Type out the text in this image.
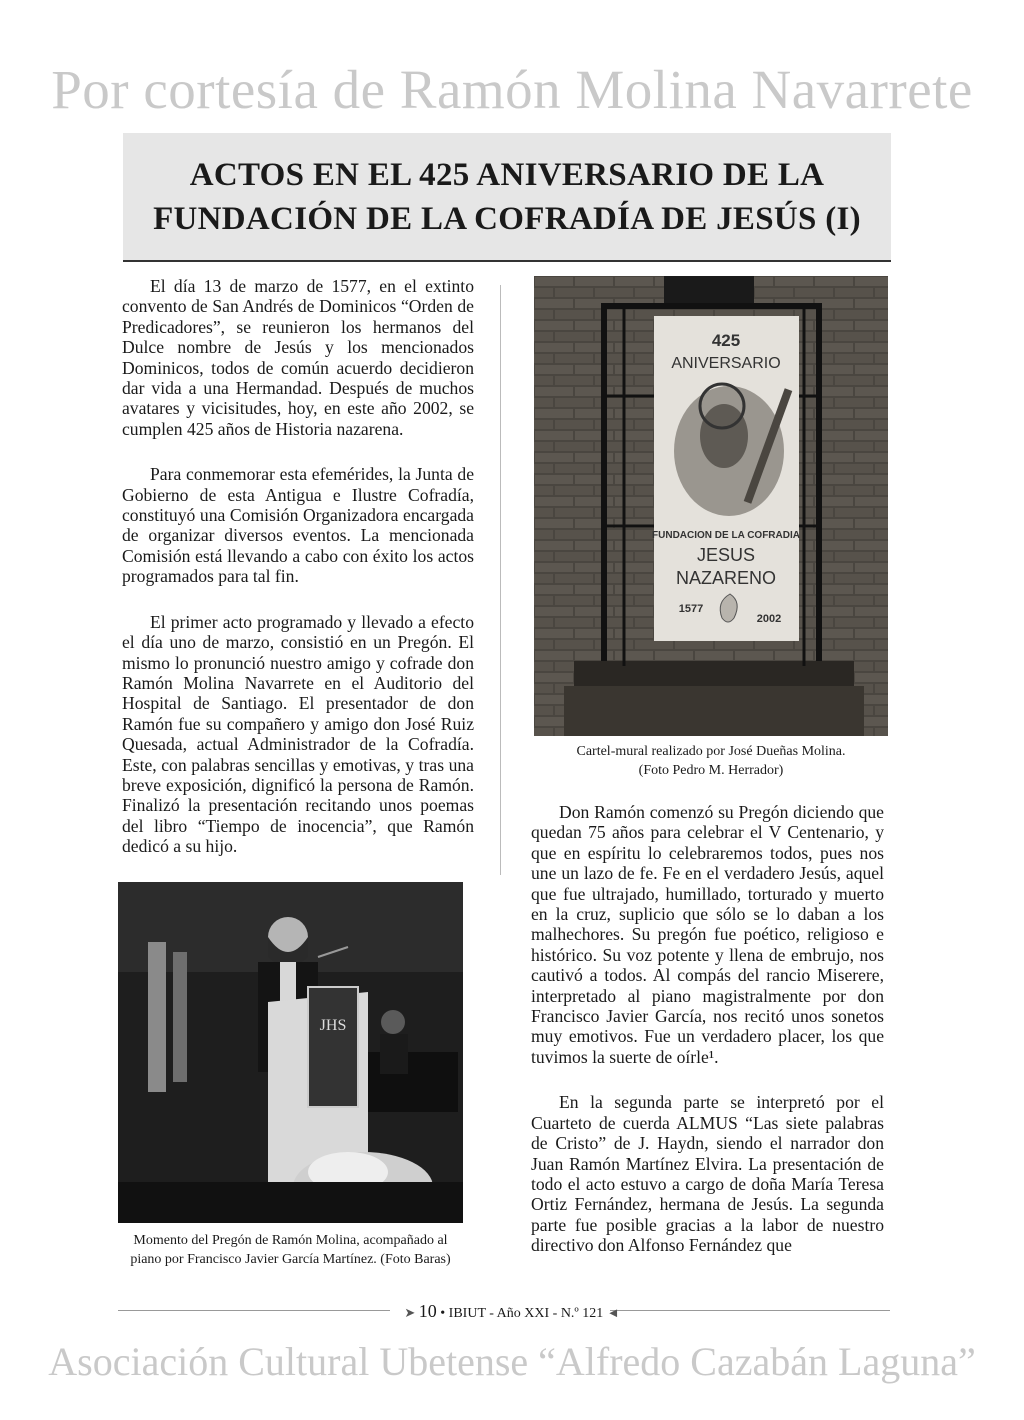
Por cortesía de Ramón Molina Navarrete
ACTOS EN EL 425 ANIVERSARIO DE LA
FUNDACIÓN DE LA COFRADÍA DE JESÚS (I)

El día 13 de marzo de 1577, en el extinto convento de San Andrés de Dominicos “Orden de Predicadores”, se reunieron los hermanos del Dulce nombre de Jesús y los mencionados Dominicos, todos de común acuerdo decidieron dar vida a una Hermandad. Después de muchos avatares y vicisitudes, hoy, en este año 2002, se cumplen 425 años de Historia nazarena.

Para conmemorar esta efemérides, la Junta de Gobierno de esta Antigua e Ilustre Cofradía, constituyó una Comisión Organizadora encargada de organizar diversos eventos. La mencionada Comisión está llevando a cabo con éxito los actos programados para tal fin.

El primer acto programado y llevado a efecto el día uno de marzo, consistió en un Pregón. El mismo lo pronunció nuestro amigo y cofrade don Ramón Molina Navarrete en el Auditorio del Hospital de Santiago. El presentador de don Ramón fue su compañero y amigo don José Ruiz Quesada, actual Administrador de la Cofradía. Este, con palabras sencillas y emotivas, y tras una breve exposición, dignificó la persona de Ramón. Finalizó la presentación recitando unos poemas del libro “Tiempo de inocencia”, que Ramón dedicó a su hijo.

425
ANIVERSARIO
FUNDACION DE LA COFRADIA
JESUS
NAZARENO
1577
2002
Cartel-mural realizado por José Dueñas Molina.
(Foto Pedro M. Herrador)

Don Ramón comenzó su Pregón diciendo que quedan 75 años para celebrar el V Centenario, y que en espíritu lo celebraremos todos, pues nos une un lazo de fe. Fe en el verdadero Jesús, aquel que fue ultrajado, humillado, torturado y muerto en la cruz, suplicio que sólo se lo daban a los malhechores. Su pregón fue poético, religioso e histórico. Su voz potente y llena de embrujo, nos cautivó a todos. Al compás del rancio Miserere, interpretado al piano magistralmente por don Francisco Javier García, nos recitó unos sonetos muy emotivos. Fue un verdadero placer, los que tuvimos la suerte de oírle¹.

En la segunda parte se interpretó por el Cuarteto de cuerda ALMUS “Las siete palabras de Cristo” de J. Haydn, siendo el narrador don Juan Ramón Martínez Elvira. La presentación de todo el acto estuvo a cargo de doña María Teresa Ortiz Fernández, hermana de Jesús. La segunda parte fue posible gracias a la labor de nuestro directivo don Alfonso Fernández que

JHS
Momento del Pregón de Ramón Molina, acompañado al
piano por Francisco Javier García Martínez. (Foto Baras)
➤ 10 • IBIUT - Año XXI - N.º 121 ◄
Asociación Cultural Ubetense “Alfredo Cazabán Laguna”
